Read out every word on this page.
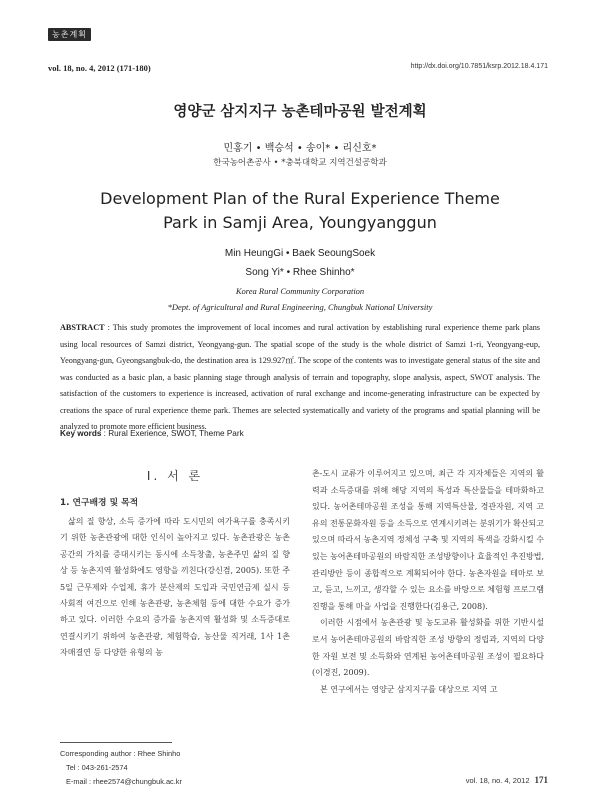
농촌계획
vol. 18, no. 4, 2012 (171-180)	http://dx.doi.org/10.7851/ksrp.2012.18.4.171
영양군 삼지지구 농촌테마공원 발전계획
민홍기 • 백승석 • 송이* • 리신호*
한국농어촌공사 • *충북대학교 지역건설공학과
Development Plan of the Rural Experience Theme
Park in Samji Area, Youngyanggun
Min HeungGi • Baek SeoungSoek
Song Yi* • Rhee Shinho*
Korea Rural Community Corporation
*Dept. of Agricultural and Rural Engineering, Chungbuk National University
ABSTRACT : This study promotes the improvement of local incomes and rural activation by establishing rural experience theme park plans using local resources of Samzi district, Yeongyang-gun. The spatial scope of the study is the whole district of Samzi 1-ri, Yeongyang-eup, Yeongyang-gun, Gyeongsangbuk-do, the destination area is 129.927㎡. The scope of the contents was to investigate general status of the site and was conducted as a basic plan, a basic planning stage through analysis of terrain and topography, slope analysis, aspect, SWOT analysis. The satisfaction of the customers to experience is increased, activation of rural exchange and income-generating infrastructure can be expected by creations the space of rural experience theme park. Themes are selected systematically and variety of the programs and spatial planning will be analyzed to promote more efficient business.
Key words : Rural Exerience, SWOT, Theme Park
I. 서 론
1. 연구배경 및 목적

삶의 질 향상, 소득 증가에 따라 도시민의 여가욕구를 충족시키기 위한 농촌관광에 대한 인식이 높아지고 있다. 농촌관광은 농촌공간의 가치를 증대시키는 동시에 소득창출, 농촌주민 삶의 질 향상 등 농촌지역 활성화에도 영향을 끼친다(강신겸, 2005). 또한 주 5일 근무제와 수업제, 휴가 분산제의 도입과 국민연금제 실시 등 사회적 여건으로 인해 농촌관광, 농촌체험 등에 대한 수요가 증가하고 있다. 이러한 수요의 증가를 농촌지역 활성화 및 소득증대로 연결시키기 위하여 농촌관광, 체험학습, 농산물 직거래, 1사 1촌 자매결연 등 다양한 유형의 농

촌-도시 교류가 이루어지고 있으며, 최근 각 지자체들은 지역의 활력과 소득증대를 위해 해당 지역의 특성과 특산물들을 테마화하고 있다. 농어촌테마공원 조성을 통해 지역특산물, 경관자원, 지역 고유의 전통문화자원 등을 소득으로 연계시키려는 분위기가 확산되고 있으며 따라서 농촌지역 정체성 구축 및 지역의 특색을 강화시킬 수 있는 농어촌테마공원의 바람직한 조성방향이나 효율적인 추진방법, 관리방안 등이 종합적으로 계획되어야 한다. 농촌자원을 테마로 보고, 듣고, 느끼고, 생각할 수 있는 요소를 바탕으로 체험형 프로그램 진행을 통해 마을 사업을 진행한다(김용근, 2008).

이러한 시점에서 농촌관광 및 농도교류 활성화를 위한 기반시설로서 농어촌테마공원의 바람직한 조성 방향의 정립과, 지역의 다양한 자원 보전 및 소득화와 연계된 농어촌테마공원 조성이 필요하다(이경진, 2009).

본 연구에서는 영양군 삼지지구를 대상으로 지역 고

Corresponding author : Rhee Shinho
Tel : 043-261-2574
E-mail : rhee2574@chungbuk.ac.kr	vol. 18, no. 4, 2012 171
